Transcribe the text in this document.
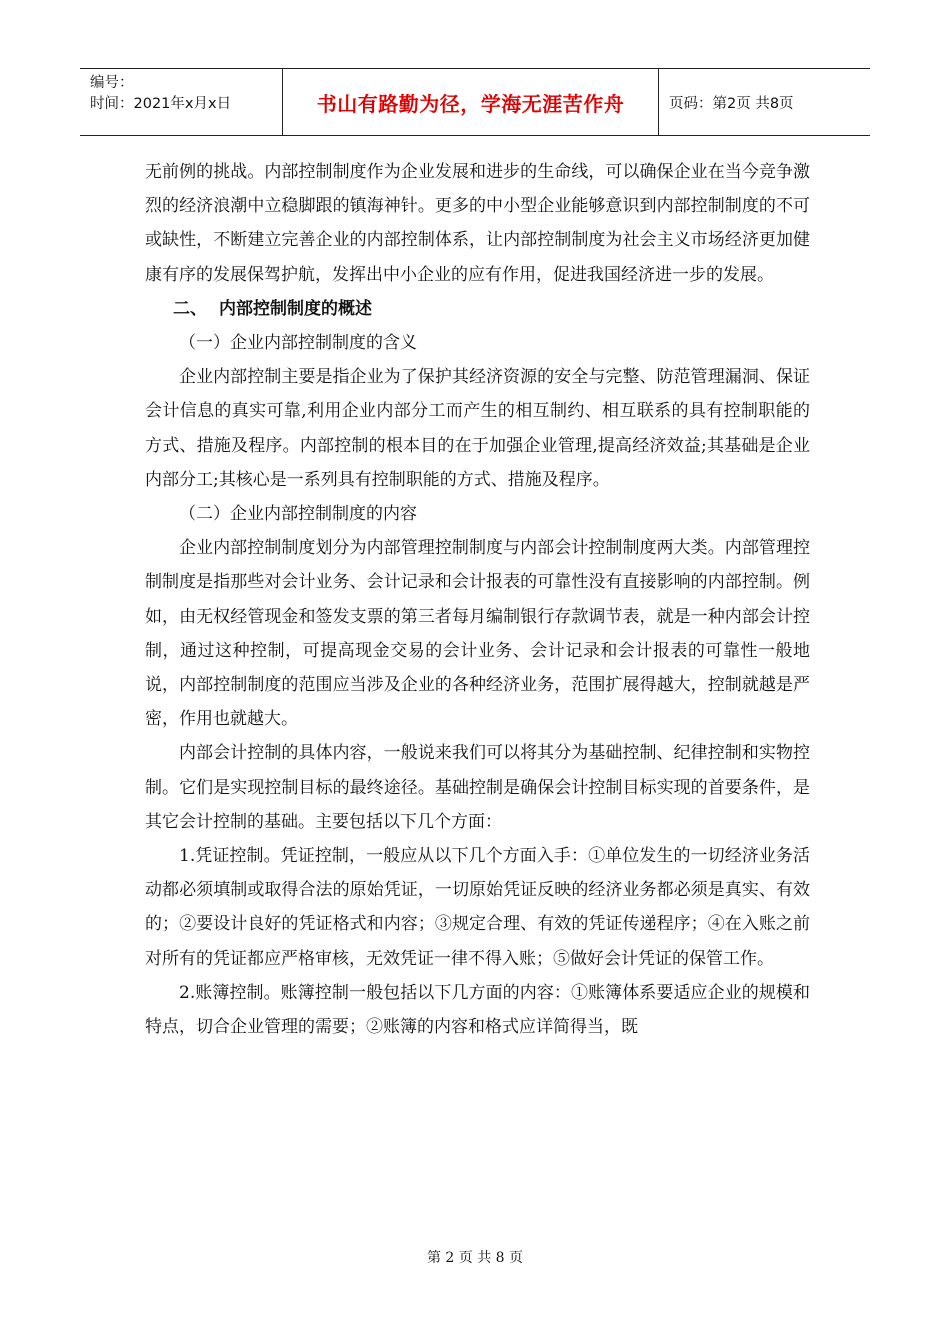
编号：
时间：2021年x月x日	书山有路勤为径，学海无涯苦作舟	页码：第2页 共8页

无前例的挑战。内部控制制度作为企业发展和进步的生命线，可以确保企业在当今竞争激烈的经济浪潮中立稳脚跟的镇海神针。更多的中小型企业能够意识到内部控制制度的不可或缺性，不断建立完善企业的内部控制体系，让内部控制制度为社会主义市场经济更加健康有序的发展保驾护航，发挥出中小企业的应有作用，促进我国经济进一步的发展。

二、 内部控制制度的概述

（一）企业内部控制制度的含义

企业内部控制主要是指企业为了保护其经济资源的安全与完整、防范管理漏洞、保证会计信息的真实可靠,利用企业内部分工而产生的相互制约、相互联系的具有控制职能的方式、措施及程序。内部控制的根本目的在于加强企业管理,提高经济效益;其基础是企业内部分工;其核心是一系列具有控制职能的方式、措施及程序。

（二）企业内部控制制度的内容

企业内部控制制度划分为内部管理控制制度与内部会计控制制度两大类。内部管理控制制度是指那些对会计业务、会计记录和会计报表的可靠性没有直接影响的内部控制。例如，由无权经管现金和签发支票的第三者每月编制银行存款调节表，就是一种内部会计控制，通过这种控制，可提高现金交易的会计业务、会计记录和会计报表的可靠性一般地说，内部控制制度的范围应当涉及企业的各种经济业务，范围扩展得越大，控制就越是严密，作用也就越大。

内部会计控制的具体内容，一般说来我们可以将其分为基础控制、纪律控制和实物控制。它们是实现控制目标的最终途径。基础控制是确保会计控制目标实现的首要条件，是其它会计控制的基础。主要包括以下几个方面：

1.凭证控制。凭证控制，一般应从以下几个方面入手：①单位发生的一切经济业务活动都必须填制或取得合法的原始凭证，一切原始凭证反映的经济业务都必须是真实、有效的；②要设计良好的凭证格式和内容；③规定合理、有效的凭证传递程序；④在入账之前对所有的凭证都应严格审核，无效凭证一律不得入账；⑤做好会计凭证的保管工作。

2.账簿控制。账簿控制一般包括以下几方面的内容：①账簿体系要适应企业的规模和特点，切合企业管理的需要；②账簿的内容和格式应详简得当，既

第 2 页 共 8 页
